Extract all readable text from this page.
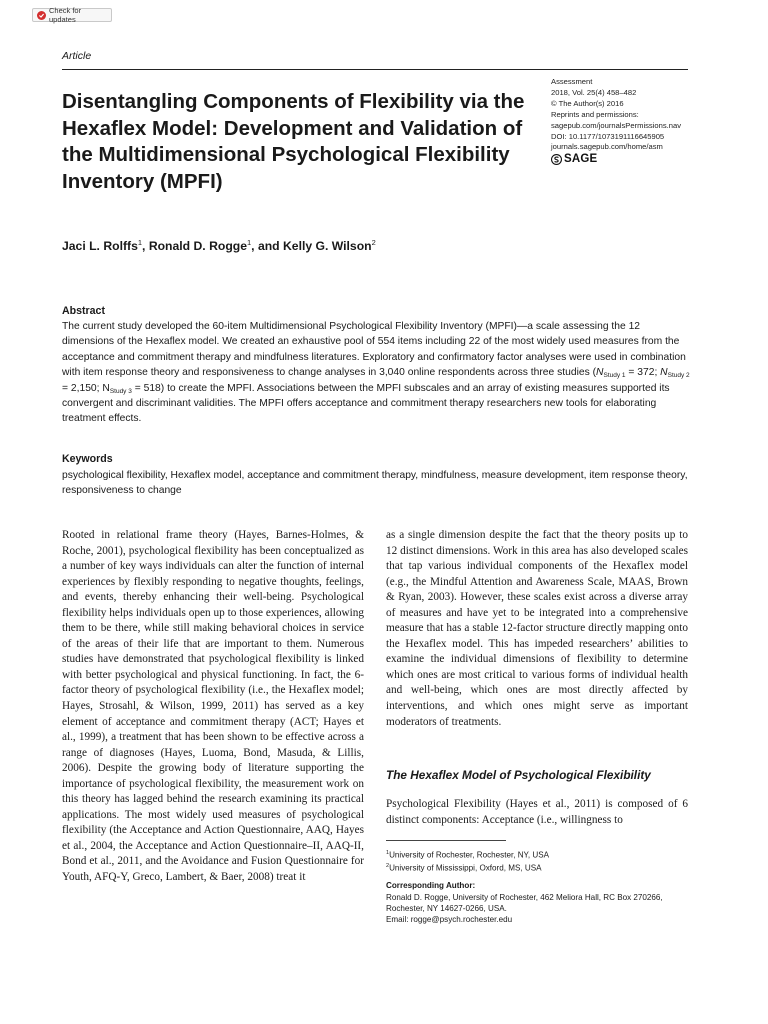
Check for updates
Article
Disentangling Components of Flexibility via the Hexaflex Model: Development and Validation of the Multidimensional Psychological Flexibility Inventory (MPFI)
Assessment
2018, Vol. 25(4) 458–482
© The Author(s) 2016
Reprints and permissions:
sagepub.com/journalsPermissions.nav
DOI: 10.1177/1073191116645905
journals.sagepub.com/home/asm
SAGE
Jaci L. Rolffs$^1$, Ronald D. Rogge$^1$, and Kelly G. Wilson$^2$
Abstract

The current study developed the 60-item Multidimensional Psychological Flexibility Inventory (MPFI)—a scale assessing the 12 dimensions of the Hexaflex model. We created an exhaustive pool of 554 items including 22 of the most widely used measures from the acceptance and commitment therapy and mindfulness literatures. Exploratory and confirmatory factor analyses were used in combination with item response theory and responsiveness to change analyses in 3,040 online respondents across three studies ($N_{Study 1} = 372$; $N_{Study 2} = 2,150$; $N_{Study 3} = 518$) to create the MPFI. Associations between the MPFI subscales and an array of existing measures supported its convergent and discriminant validities. The MPFI offers acceptance and commitment therapy researchers new tools for elaborating treatment effects.

Keywords

psychological flexibility, Hexaflex model, acceptance and commitment therapy, mindfulness, measure development, item response theory, responsiveness to change

Rooted in relational frame theory (Hayes, Barnes-Holmes, & Roche, 2001), psychological flexibility has been conceptualized as a number of key ways individuals can alter the function of internal experiences by flexibly responding to negative thoughts, feelings, and events, thereby enhancing their well-being. Psychological flexibility helps individuals open up to those experiences, allowing them to be there, while still making behavioral choices in service of the areas of their life that are important to them. Numerous studies have demonstrated that psychological flexibility is linked with better psychological and physical functioning. In fact, the 6-factor theory of psychological flexibility (i.e., the Hexaflex model; Hayes, Strosahl, & Wilson, 1999, 2011) has served as a key element of acceptance and commitment therapy (ACT; Hayes et al., 1999), a treatment that has been shown to be effective across a range of diagnoses (Hayes, Luoma, Bond, Masuda, & Lillis, 2006). Despite the growing body of literature supporting the importance of psychological flexibility, the measurement work on this theory has lagged behind the research examining its practical applications. The most widely used measures of psychological flexibility (the Acceptance and Action Questionnaire, AAQ, Hayes et al., 2004, the Acceptance and Action Questionnaire–II, AAQ-II, Bond et al., 2011, and the Avoidance and Fusion Questionnaire for Youth, AFQ-Y, Greco, Lambert, & Baer, 2008) treat it

as a single dimension despite the fact that the theory posits up to 12 distinct dimensions. Work in this area has also developed scales that tap various individual components of the Hexaflex model (e.g., the Mindful Attention and Awareness Scale, MAAS, Brown & Ryan, 2003). However, these scales exist across a diverse array of measures and have yet to be integrated into a comprehensive measure that has a stable 12-factor structure directly mapping onto the Hexaflex model. This has impeded researchers’ abilities to examine the individual dimensions of flexibility to determine which ones are most critical to various forms of individual health and well-being, which ones are most directly affected by interventions, and which ones might serve as important moderators of treatments.

The Hexaflex Model of Psychological Flexibility

Psychological Flexibility (Hayes et al., 2011) is composed of 6 distinct components: Acceptance (i.e., willingness to

$^1$University of Rochester, Rochester, NY, USA
$^2$University of Mississippi, Oxford, MS, USA
Corresponding Author:
Ronald D. Rogge, University of Rochester, 462 Meliora Hall, RC Box 270266, Rochester, NY 14627-0266, USA.
Email: rogge@psych.rochester.edu
